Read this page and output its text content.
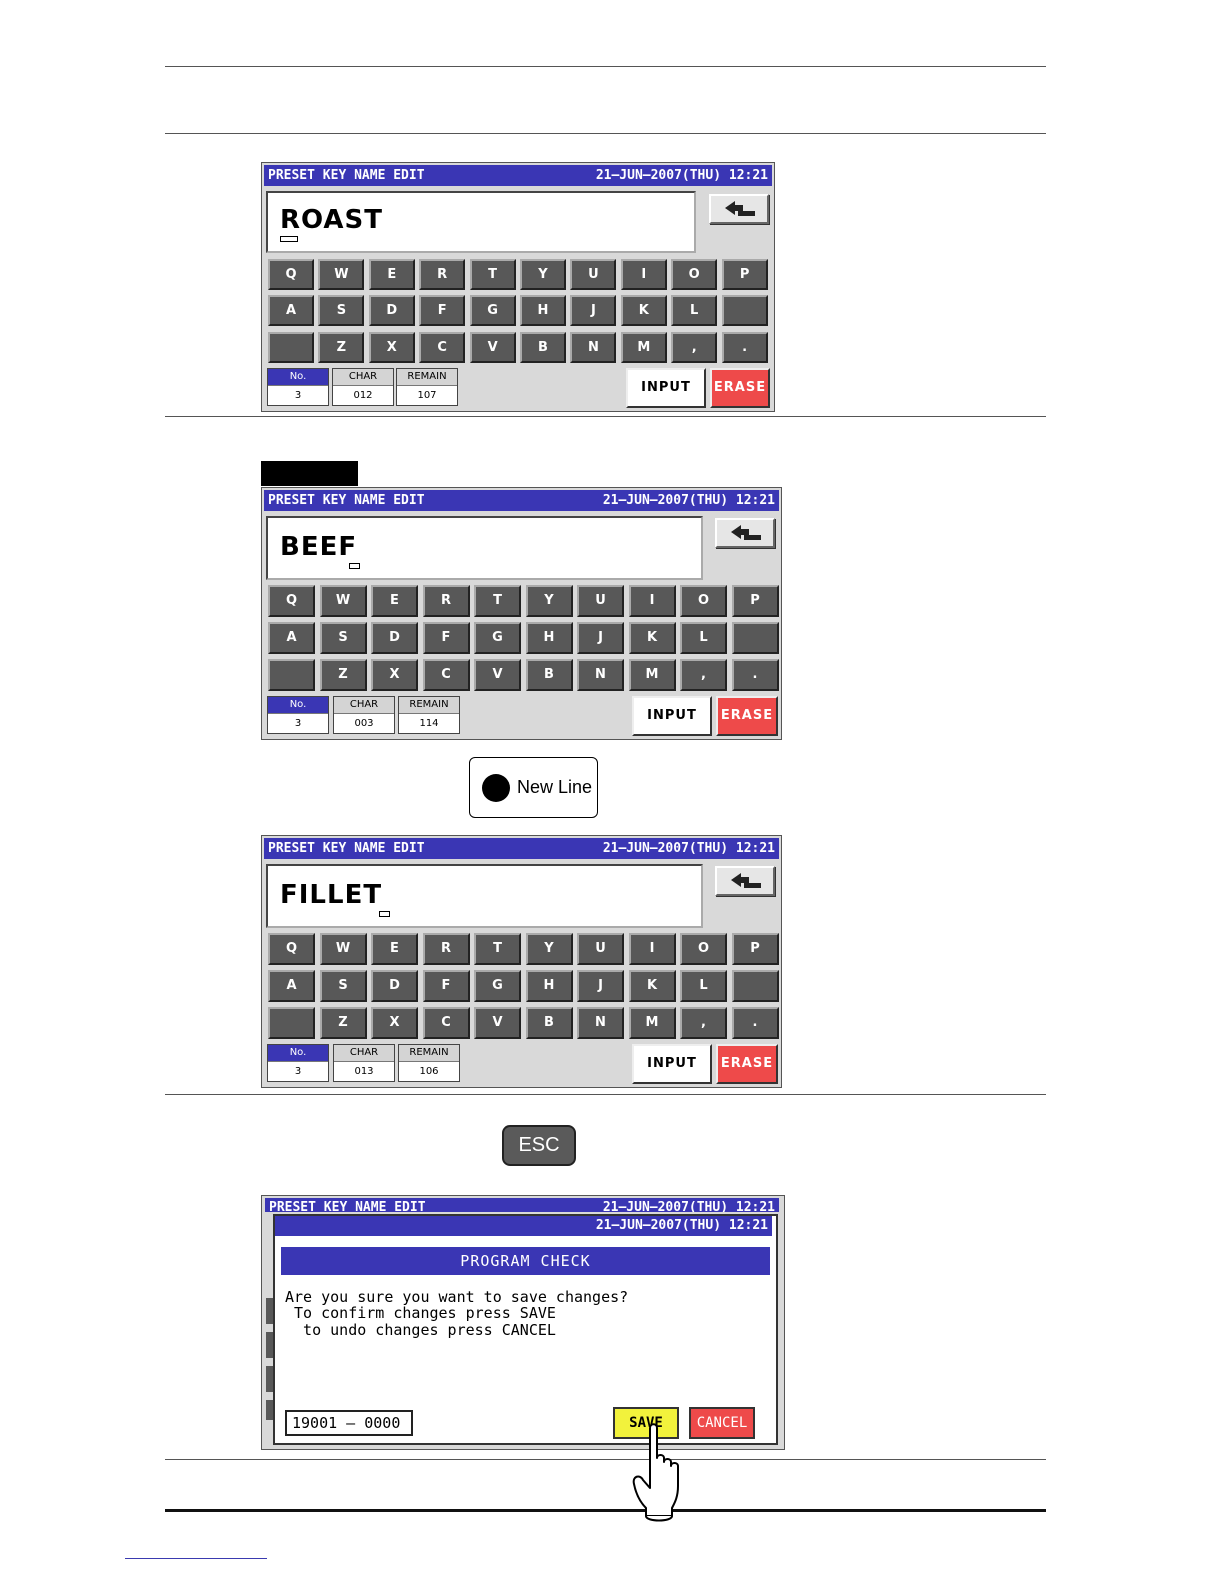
PRESET KEY NAME EDIT	21–JUN–2007(THU) 12:21
ROAST
No.
3
CHAR
012
REMAIN
107
INPUT	ERASE
Q	W	E	R	T	Y	U	I	O	P
A	S	D	F	G	H	J	K	L
Z	X	C	V	B	N	M	,	.
PRESET KEY NAME EDIT	21–JUN–2007(THU) 12:21
BEEF
No.
3
CHAR
003
REMAIN
114
INPUT	ERASE
Q	W	E	R	T	Y	U	I	O	P
A	S	D	F	G	H	J	K	L
Z	X	C	V	B	N	M	,	.
New Line
PRESET KEY NAME EDIT	21–JUN–2007(THU) 12:21
FILLET
No.
3
CHAR
013
REMAIN
106
INPUT	ERASE
Q	W	E	R	T	Y	U	I	O	P
A	S	D	F	G	H	J	K	L
Z	X	C	V	B	N	M	,	.
ESC
PRESET KEY NAME EDIT	21–JUN–2007(THU) 12:21
21–JUN–2007(THU) 12:21
PROGRAM CHECK
Are you sure you want to save changes?
To confirm changes press SAVE
to undo changes press CANCEL
19001 – 0000	SAVE	CANCEL
